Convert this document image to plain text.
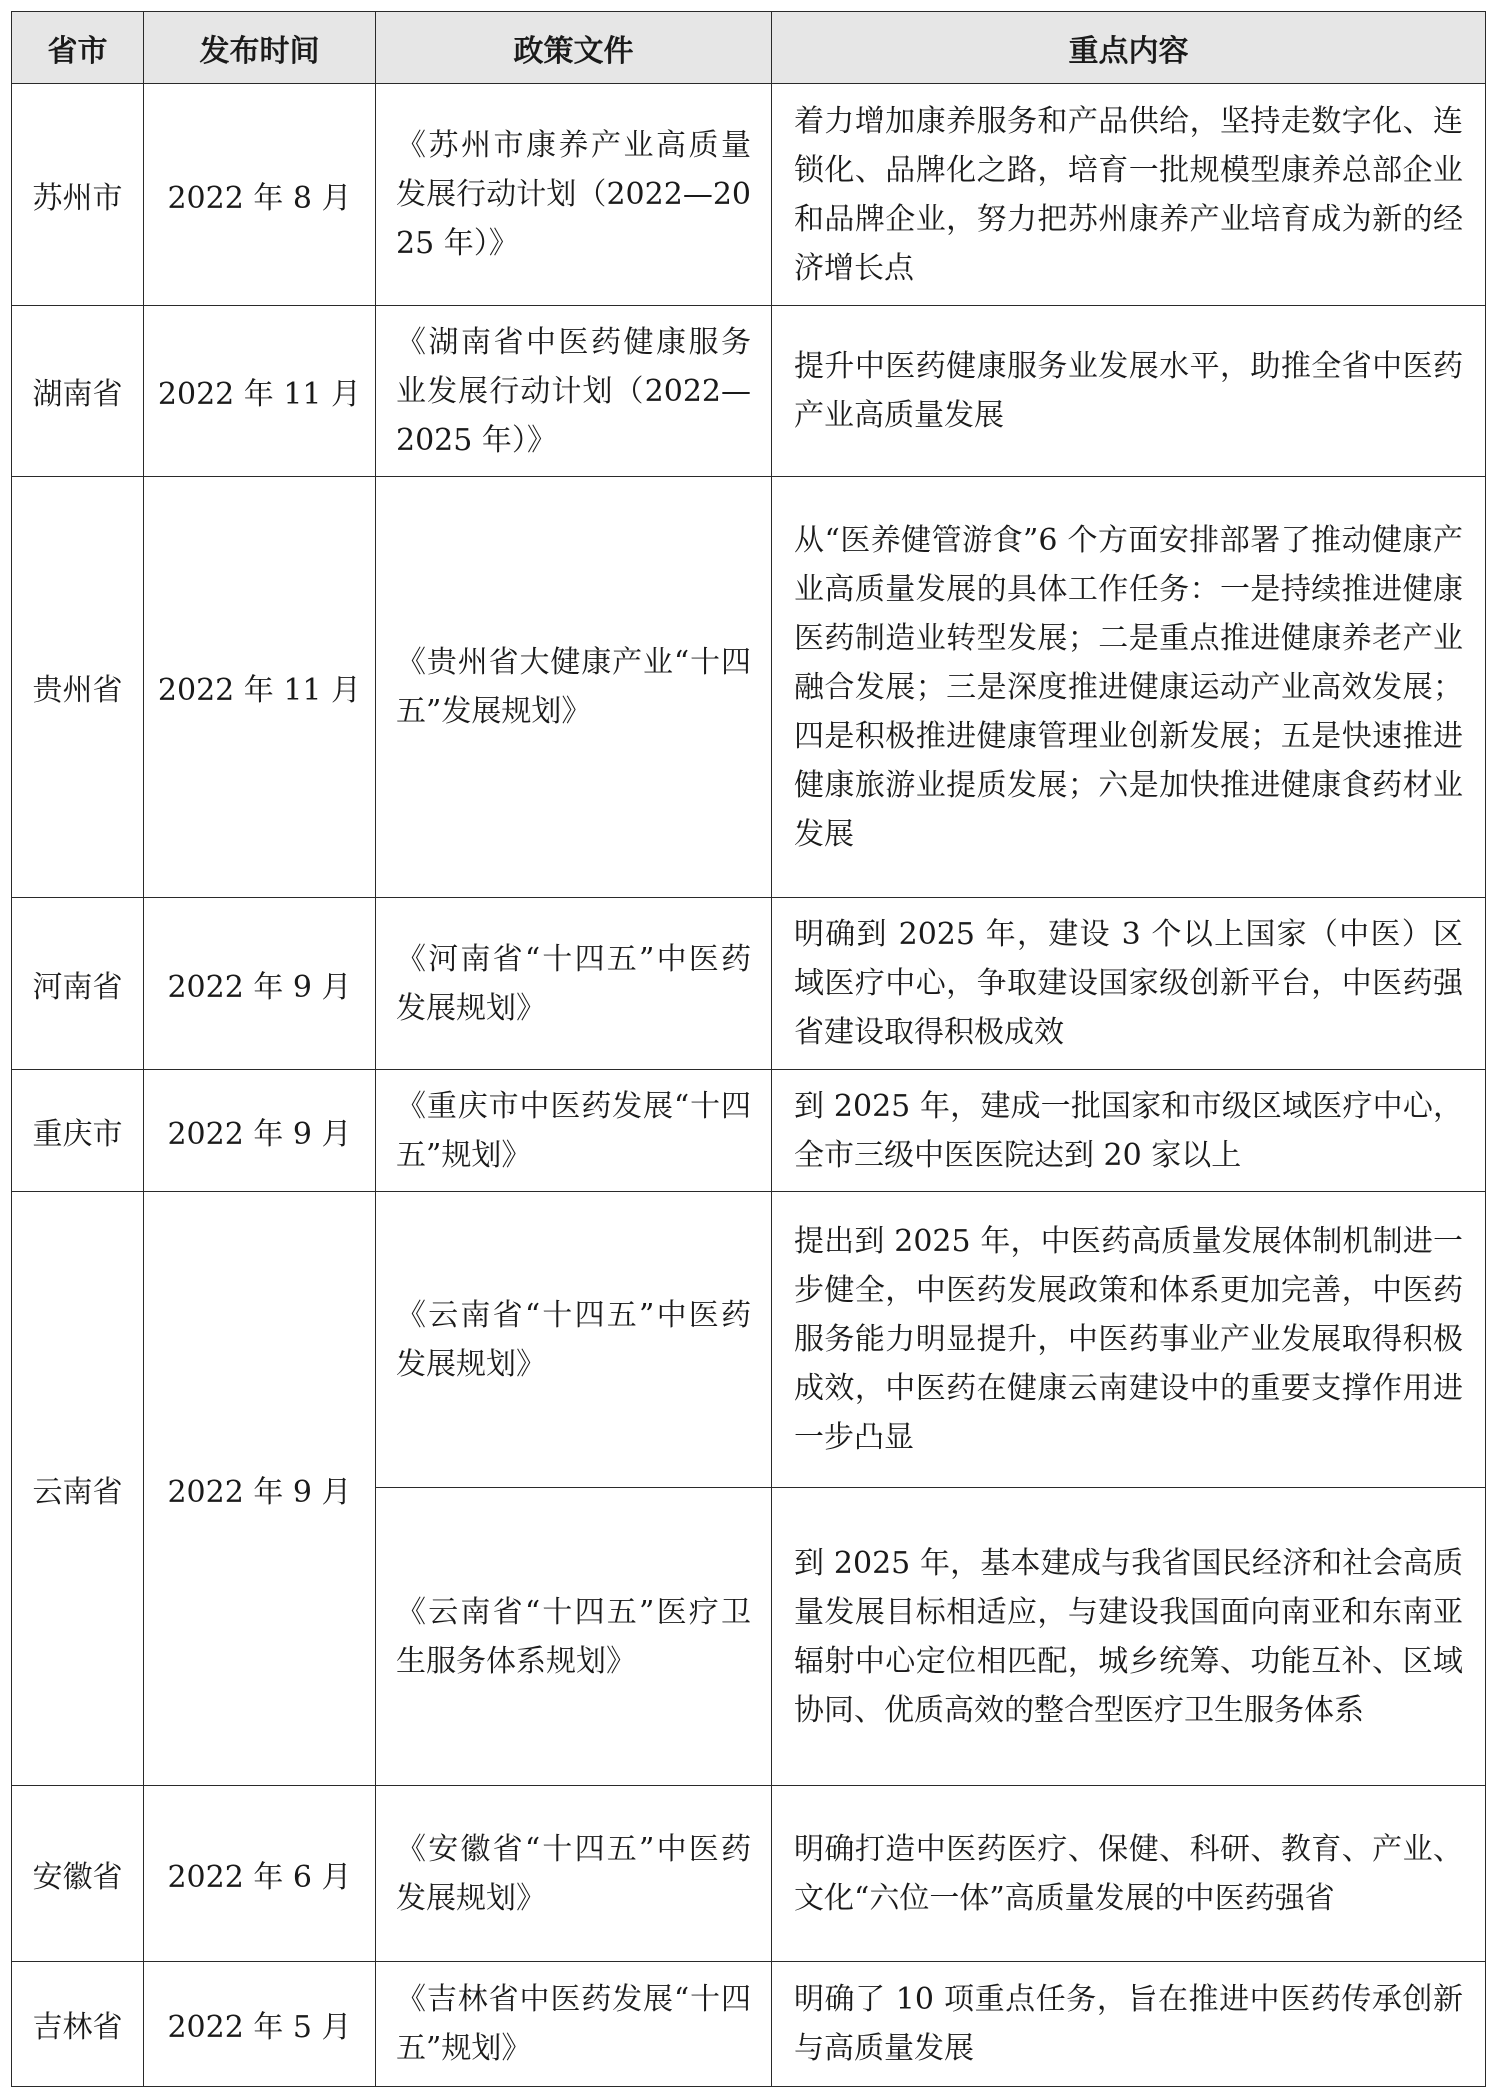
省市	发布时间	政策文件	重点内容
苏州市	2022 年 8 月	《苏州市康养产业高质量发展行动计划（2022—2025 年）》	着力增加康养服务和产品供给，坚持走数字化、连锁化、品牌化之路，培育一批规模型康养总部企业和品牌企业，努力把苏州康养产业培育成为新的经济增长点
湖南省	2022 年 11 月	《湖南省中医药健康服务业发展行动计划（2022—2025 年）》	提升中医药健康服务业发展水平，助推全省中医药产业高质量发展
贵州省	2022 年 11 月	《贵州省大健康产业“十四五”发展规划》	从“医养健管游食”6 个方面安排部署了推动健康产业高质量发展的具体工作任务：一是持续推进健康医药制造业转型发展；二是重点推进健康养老产业融合发展；三是深度推进健康运动产业高效发展；四是积极推进健康管理业创新发展；五是快速推进健康旅游业提质发展；六是加快推进健康食药材业发展
河南省	2022 年 9 月	《河南省“十四五”中医药发展规划》	明确到 2025 年，建设 3 个以上国家（中医）区域医疗中心，争取建设国家级创新平台，中医药强省建设取得积极成效
重庆市	2022 年 9 月	《重庆市中医药发展“十四五”规划》	到 2025 年，建成一批国家和市级区域医疗中心，全市三级中医医院达到 20 家以上
云南省	2022 年 9 月	《云南省“十四五”中医药发展规划》	提出到 2025 年，中医药高质量发展体制机制进一步健全，中医药发展政策和体系更加完善，中医药服务能力明显提升，中医药事业产业发展取得积极成效，中医药在健康云南建设中的重要支撑作用进一步凸显
		《云南省“十四五”医疗卫生服务体系规划》	到 2025 年，基本建成与我省国民经济和社会高质量发展目标相适应，与建设我国面向南亚和东南亚辐射中心定位相匹配，城乡统筹、功能互补、区域协同、优质高效的整合型医疗卫生服务体系
安徽省	2022 年 6 月	《安徽省“十四五”中医药发展规划》	明确打造中医药医疗、保健、科研、教育、产业、文化“六位一体”高质量发展的中医药强省
吉林省	2022 年 5 月	《吉林省中医药发展“十四五”规划》	明确了 10 项重点任务，旨在推进中医药传承创新与高质量发展
